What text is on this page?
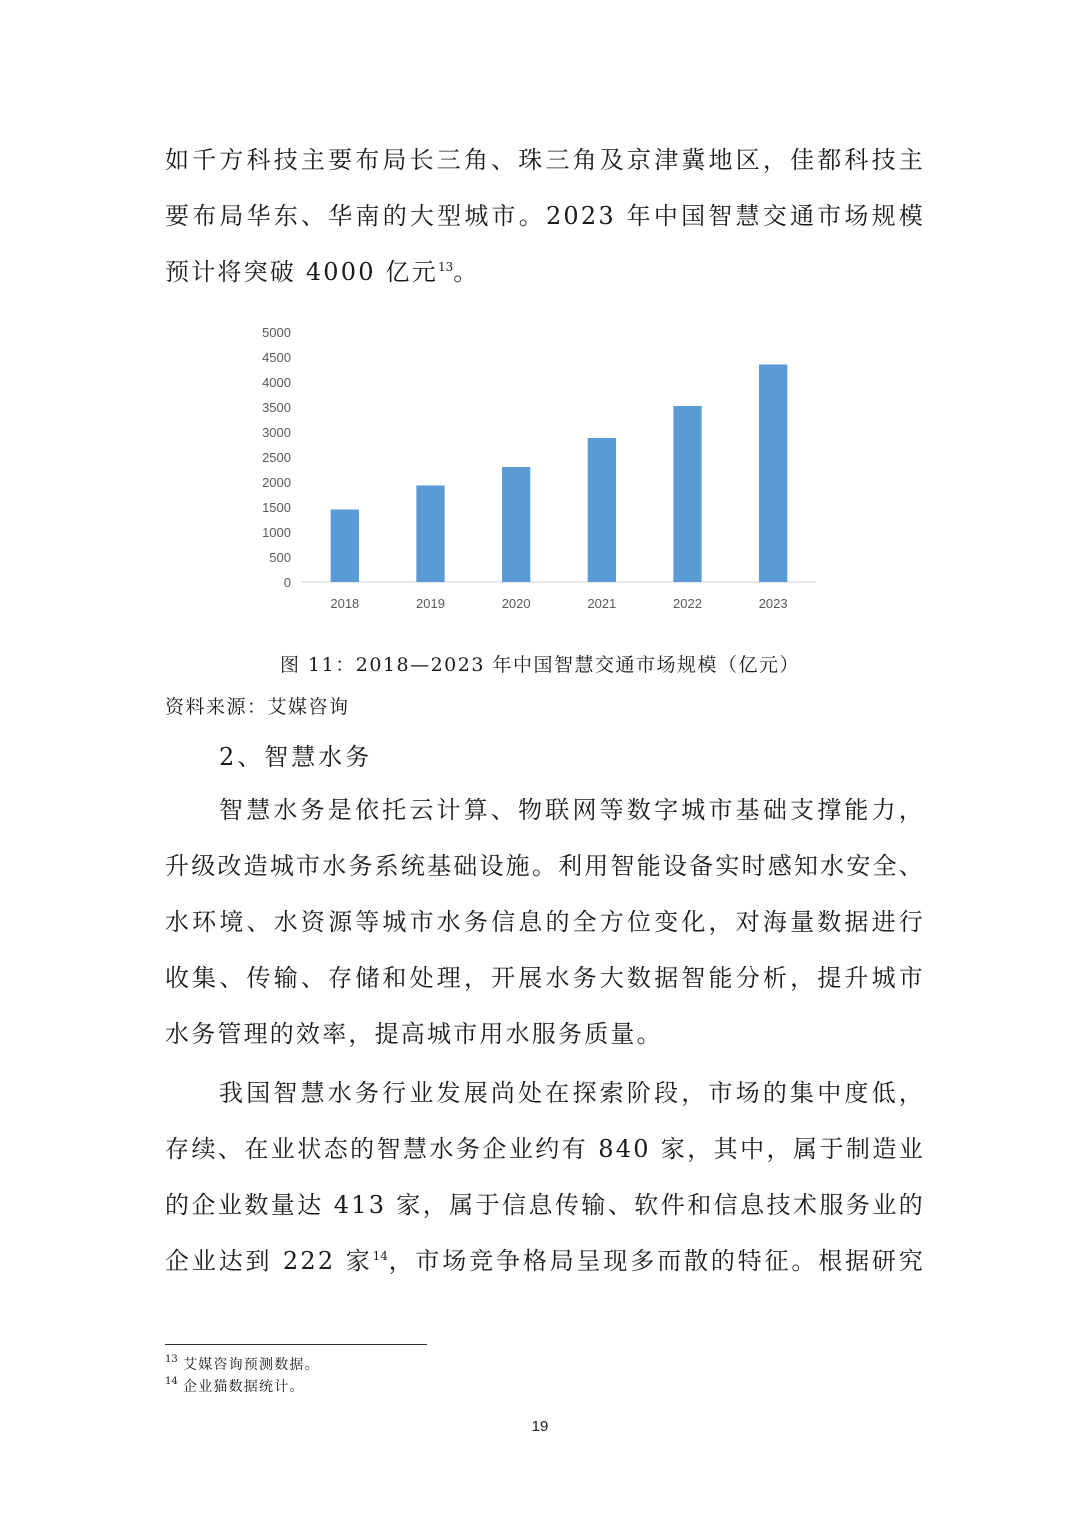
如千方科技主要布局长三角、珠三角及京津冀地区，佳都科技主
要布局华东、华南的大型城市。2023 年中国智慧交通市场规模
预计将突破 4000 亿元$^{13}$。
0
500
1000
1500
2000
2500
3000
3500
4000
4500
5000
2018	2019	2020	2021	2022	2023

图 11：2018—2023 年中国智慧交通市场规模（亿元）

资料来源：艾媒咨询

2、智慧水务

智慧水务是依托云计算、物联网等数字城市基础支撑能力，
升级改造城市水务系统基础设施。利用智能设备实时感知水安全、
水环境、水资源等城市水务信息的全方位变化，对海量数据进行
收集、传输、存储和处理，开展水务大数据智能分析，提升城市
水务管理的效率，提高城市用水服务质量。
我国智慧水务行业发展尚处在探索阶段，市场的集中度低，
存续、在业状态的智慧水务企业约有 840 家，其中，属于制造业
的企业数量达 413 家，属于信息传输、软件和信息技术服务业的
企业达到 222 家$^{14}$，市场竞争格局呈现多而散的特征。根据研究

13 艾媒咨询预测数据。

14 企业猫数据统计。

19
